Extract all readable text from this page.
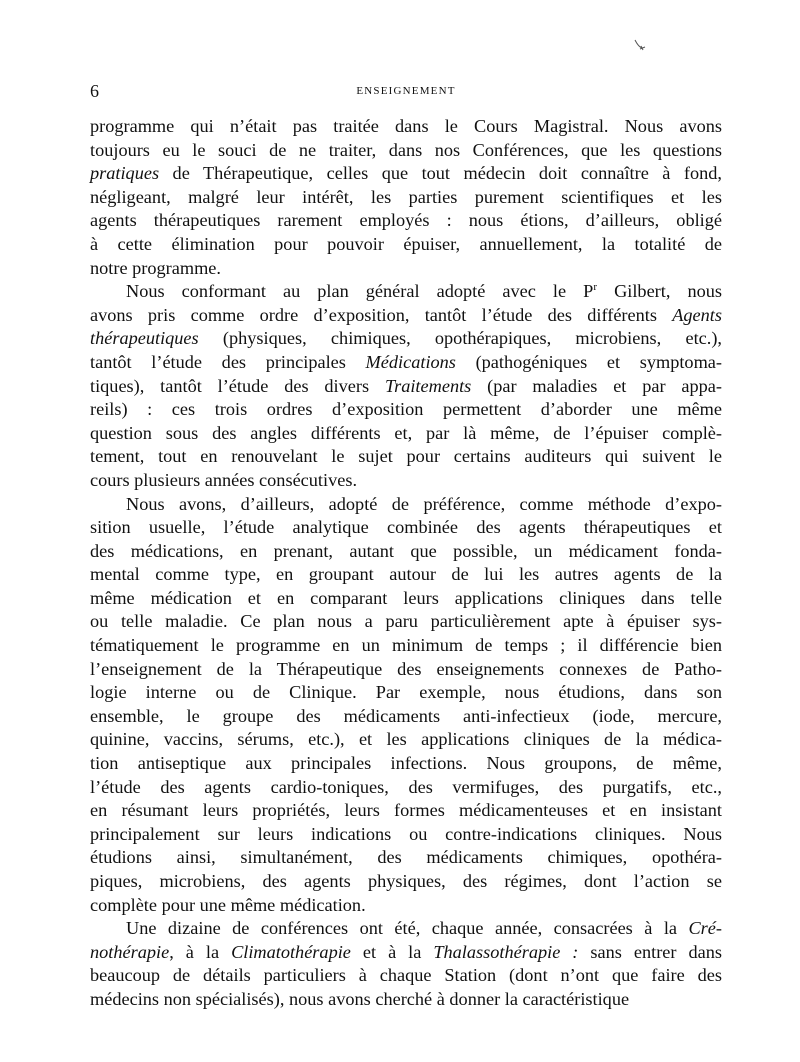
6	ENSEIGNEMENT
programme qui n’était pas traitée dans le Cours Magistral. Nous avons
toujours eu le souci de ne traiter, dans nos Conférences, que les questions
pratiques de Thérapeutique, celles que tout médecin doit connaître à fond,
négligeant, malgré leur intérêt, les parties purement scientifiques et les
agents thérapeutiques rarement employés : nous étions, d’ailleurs, obligé
à cette élimination pour pouvoir épuiser, annuellement, la totalité de
notre programme.
Nous conformant au plan général adopté avec le $P^r$ Gilbert, nous
avons pris comme ordre d’exposition, tantôt l’étude des différents Agents
thérapeutiques (physiques, chimiques, opothérapiques, microbiens, etc.),
tantôt l’étude des principales Médications (pathogéniques et symptoma-
tiques), tantôt l’étude des divers Traitements (par maladies et par appa-
reils) : ces trois ordres d’exposition permettent d’aborder une même
question sous des angles différents et, par là même, de l’épuiser complè-
tement, tout en renouvelant le sujet pour certains auditeurs qui suivent le
cours plusieurs années consécutives.
Nous avons, d’ailleurs, adopté de préférence, comme méthode d’expo-
sition usuelle, l’étude analytique combinée des agents thérapeutiques et
des médications, en prenant, autant que possible, un médicament fonda-
mental comme type, en groupant autour de lui les autres agents de la
même médication et en comparant leurs applications cliniques dans telle
ou telle maladie. Ce plan nous a paru particulièrement apte à épuiser sys-
tématiquement le programme en un minimum de temps ; il différencie bien
l’enseignement de la Thérapeutique des enseignements connexes de Patho-
logie interne ou de Clinique. Par exemple, nous étudions, dans son
ensemble, le groupe des médicaments anti-infectieux (iode, mercure,
quinine, vaccins, sérums, etc.), et les applications cliniques de la médica-
tion antiseptique aux principales infections. Nous groupons, de même,
l’étude des agents cardio-toniques, des vermifuges, des purgatifs, etc.,
en résumant leurs propriétés, leurs formes médicamenteuses et en insistant
principalement sur leurs indications ou contre-indications cliniques. Nous
étudions ainsi, simultanément, des médicaments chimiques, opothéra-
piques, microbiens, des agents physiques, des régimes, dont l’action se
complète pour une même médication.
Une dizaine de conférences ont été, chaque année, consacrées à la Cré-
nothérapie, à la Climatothérapie et à la Thalassothérapie : sans entrer dans
beaucoup de détails particuliers à chaque Station (dont n’ont que faire des
médecins non spécialisés), nous avons cherché à donner la caractéristique
